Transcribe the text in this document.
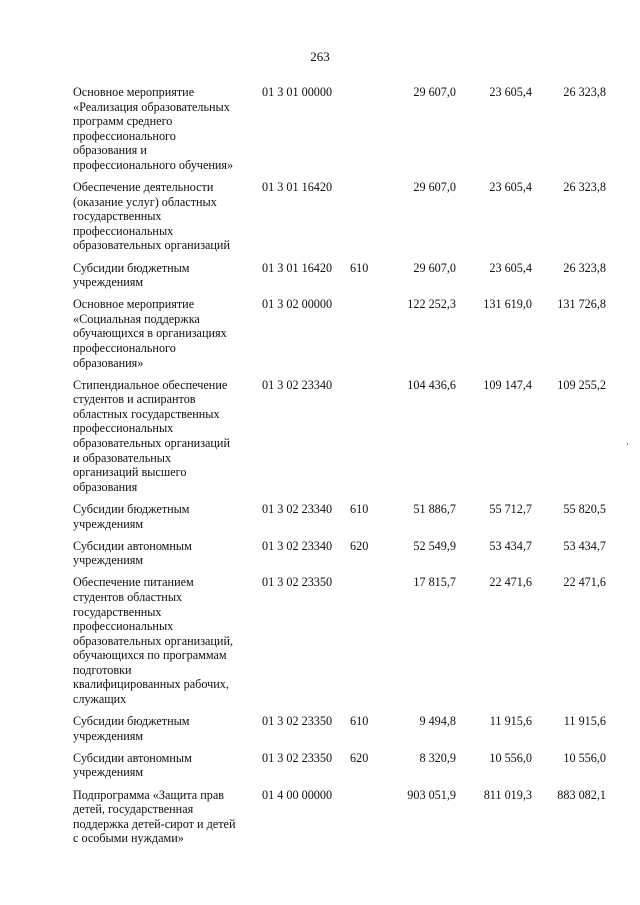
263
Основное мероприятие
«Реализация образовательных
программ среднего
профессионального
образования и
профессионального обучения»
01 3 01 00000	29 607,0	23 605,4	26 323,8
Обеспечение деятельности
(оказание услуг) областных
государственных
профессиональных
образовательных организаций
01 3 01 16420	29 607,0	23 605,4	26 323,8
Субсидии бюджетным
учреждениям
01 3 01 16420	610	29 607,0	23 605,4	26 323,8
Основное мероприятие
«Социальная поддержка
обучающихся в организациях
профессионального
образования»
01 3 02 00000	122 252,3	131 619,0	131 726,8
Стипендиальное обеспечение
студентов и аспирантов
областных государственных
профессиональных
образовательных организаций
и образовательных
организаций высшего
образования
01 3 02 23340	104 436,6	109 147,4	109 255,2
Субсидии бюджетным
учреждениям
01 3 02 23340	610	51 886,7	55 712,7	55 820,5
Субсидии автономным
учреждениям
01 3 02 23340	620	52 549,9	53 434,7	53 434,7
Обеспечение питанием
студентов областных
государственных
профессиональных
образовательных организаций,
обучающихся по программам
подготовки
квалифицированных рабочих,
служащих
01 3 02 23350	17 815,7	22 471,6	22 471,6
Субсидии бюджетным
учреждениям
01 3 02 23350	610	9 494,8	11 915,6	11 915,6
Субсидии автономным
учреждениям
01 3 02 23350	620	8 320,9	10 556,0	10 556,0
Подпрограмма «Защита прав
детей, государственная
поддержка детей-сирот и детей
с особыми нуждами»
01 4 00 00000	903 051,9	811 019,3	883 082,1
